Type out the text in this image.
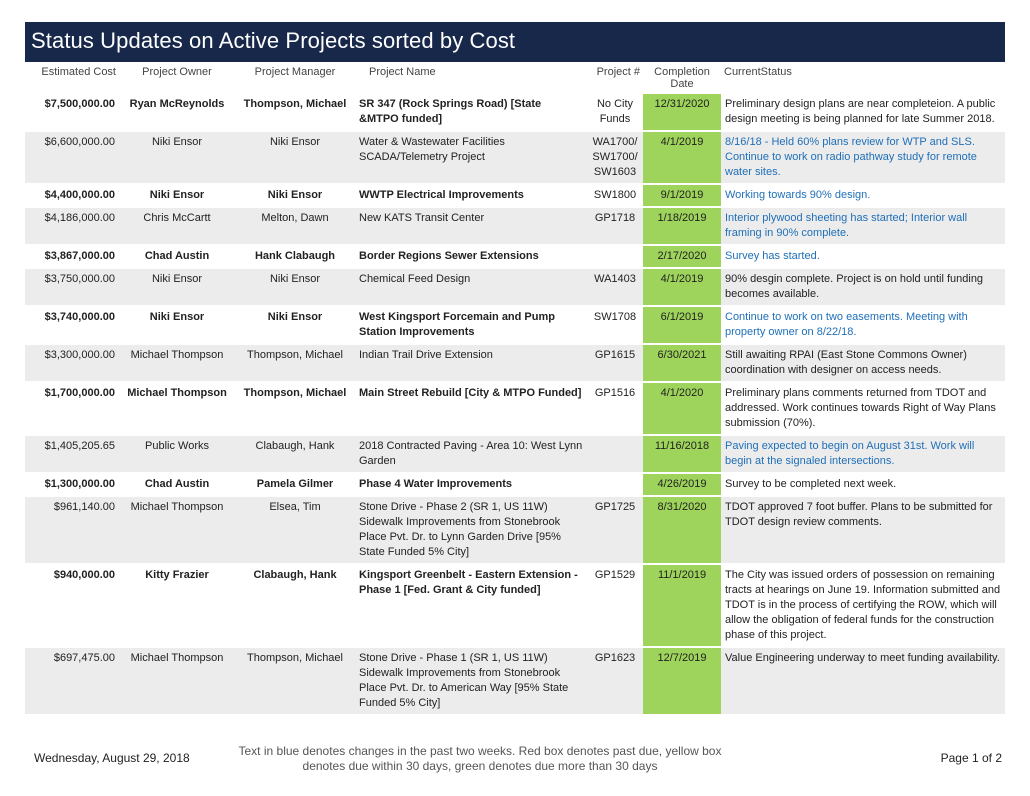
Status Updates on Active Projects sorted by Cost
Estimated Cost	Project Owner	Project Manager	Project Name	Project #	Completion Date	CurrentStatus
$7,500,000.00	Ryan McReynolds	Thompson, Michael	SR 347 (Rock Springs Road) [State &MTPO funded]	No City Funds	12/31/2020	Preliminary design plans are near completeion. A public design meeting is being planned for late Summer 2018.
$6,600,000.00	Niki Ensor	Niki Ensor	Water & Wastewater Facilities SCADA/Telemetry Project	WA1700/ SW1700/ SW1603	4/1/2019	8/16/18 - Held 60% plans review for WTP and SLS. Continue to work on radio pathway study for remote water sites.
$4,400,000.00	Niki Ensor	Niki Ensor	WWTP Electrical Improvements	SW1800	9/1/2019	Working towards 90% design.
$4,186,000.00	Chris McCartt	Melton, Dawn	New KATS Transit Center	GP1718	1/18/2019	Interior plywood sheeting has started; Interior wall framing in 90% complete.
$3,867,000.00	Chad Austin	Hank Clabaugh	Border Regions Sewer Extensions		2/17/2020	Survey has started.
$3,750,000.00	Niki Ensor	Niki Ensor	Chemical Feed Design	WA1403	4/1/2019	90% desgin complete. Project is on hold until funding becomes available.
$3,740,000.00	Niki Ensor	Niki Ensor	West Kingsport Forcemain and Pump Station Improvements	SW1708	6/1/2019	Continue to work on two easements. Meeting with property owner on 8/22/18.
$3,300,000.00	Michael Thompson	Thompson, Michael	Indian Trail Drive Extension	GP1615	6/30/2021	Still awaiting RPAI (East Stone Commons Owner) coordination with designer on access needs.
$1,700,000.00	Michael Thompson	Thompson, Michael	Main Street Rebuild [City & MTPO Funded]	GP1516	4/1/2020	Preliminary plans comments returned from TDOT and addressed. Work continues towards Right of Way Plans submission (70%).
$1,405,205.65	Public Works	Clabaugh, Hank	2018 Contracted Paving - Area 10: West Lynn Garden		11/16/2018	Paving expected to begin on August 31st. Work will begin at the signaled intersections.
$1,300,000.00	Chad Austin	Pamela Gilmer	Phase 4 Water Improvements		4/26/2019	Survey to be completed next week.
$961,140.00	Michael Thompson	Elsea, Tim	Stone Drive - Phase 2 (SR 1, US 11W) Sidewalk Improvements from Stonebrook Place Pvt. Dr. to Lynn Garden Drive [95% State Funded 5% City]	GP1725	8/31/2020	TDOT approved 7 foot buffer. Plans to be submitted for TDOT design review comments.
$940,000.00	Kitty Frazier	Clabaugh, Hank	Kingsport Greenbelt - Eastern Extension - Phase 1 [Fed. Grant & City funded]	GP1529	11/1/2019	The City was issued orders of possession on remaining tracts at hearings on June 19. Information submitted and TDOT is in the process of certifying the ROW, which will allow the obligation of federal funds for the construction phase of this project.
$697,475.00	Michael Thompson	Thompson, Michael	Stone Drive - Phase 1 (SR 1, US 11W) Sidewalk Improvements from Stonebrook Place Pvt. Dr. to American Way [95% State Funded 5% City]	GP1623	12/7/2019	Value Engineering underway to meet funding availability.
Wednesday, August 29, 2018	Text in blue denotes changes in the past two weeks. Red box denotes past due, yellow box denotes due within 30 days, green denotes due more than 30 days
Page 1 of 2
